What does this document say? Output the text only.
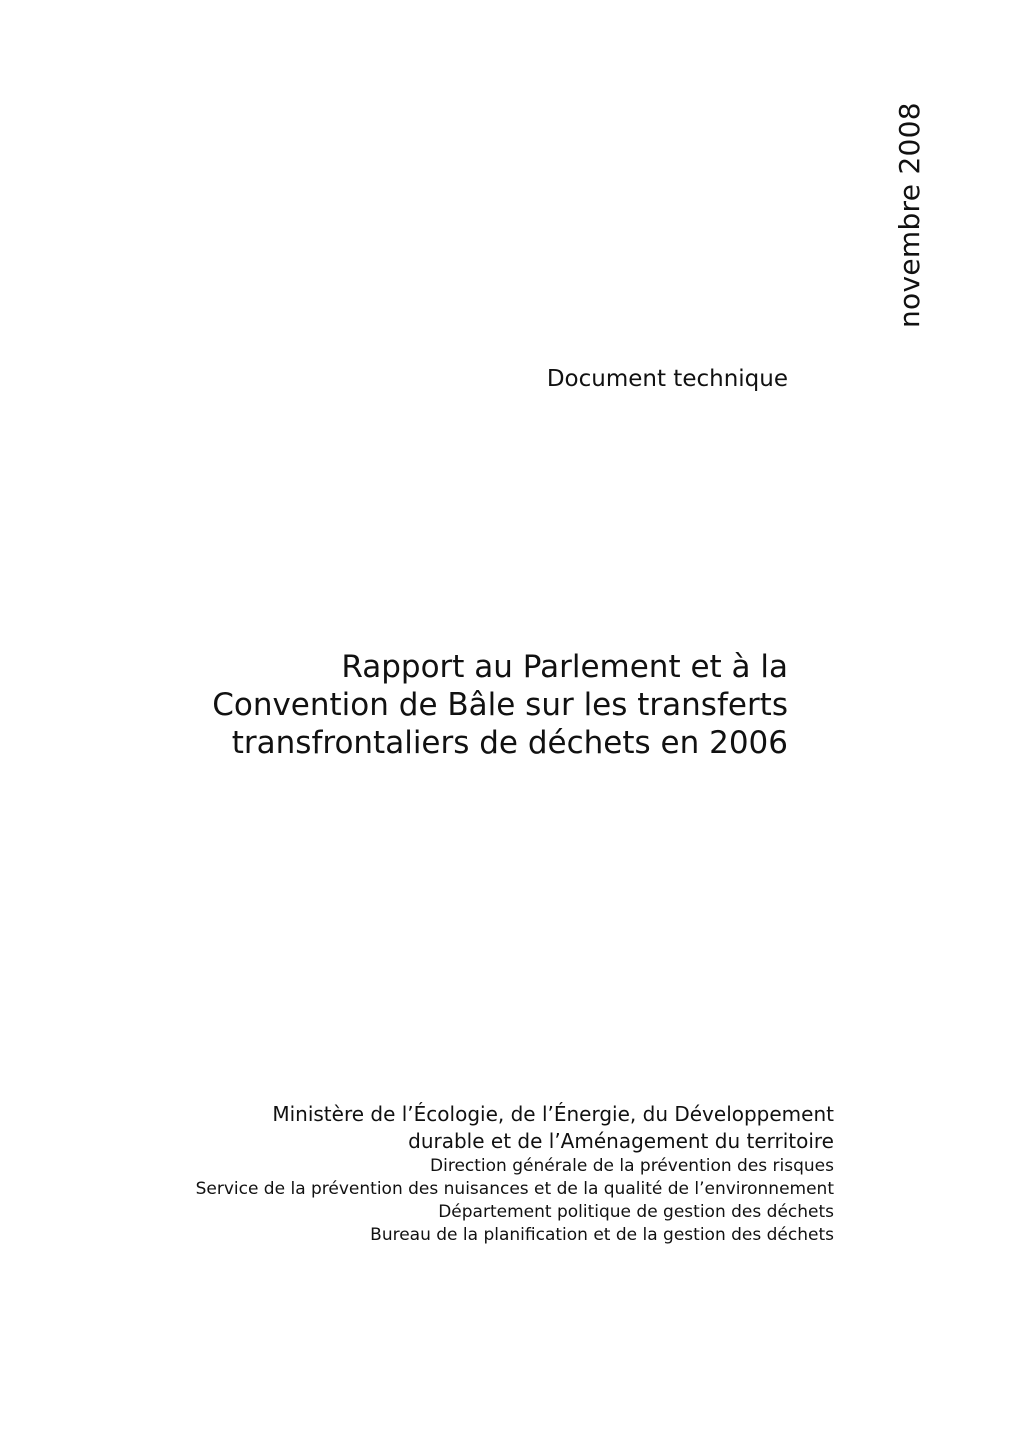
novembre 2008
Document technique
Rapport au Parlement et à la
Convention de Bâle sur les transferts
transfrontaliers de déchets en 2006
Ministère de l’Écologie, de l’Énergie, du Développement
durable et de l’Aménagement du territoire
Direction générale de la prévention des risques
Service de la prévention des nuisances et de la qualité de l’environnement
Département politique de gestion des déchets
Bureau de la planification et de la gestion des déchets
